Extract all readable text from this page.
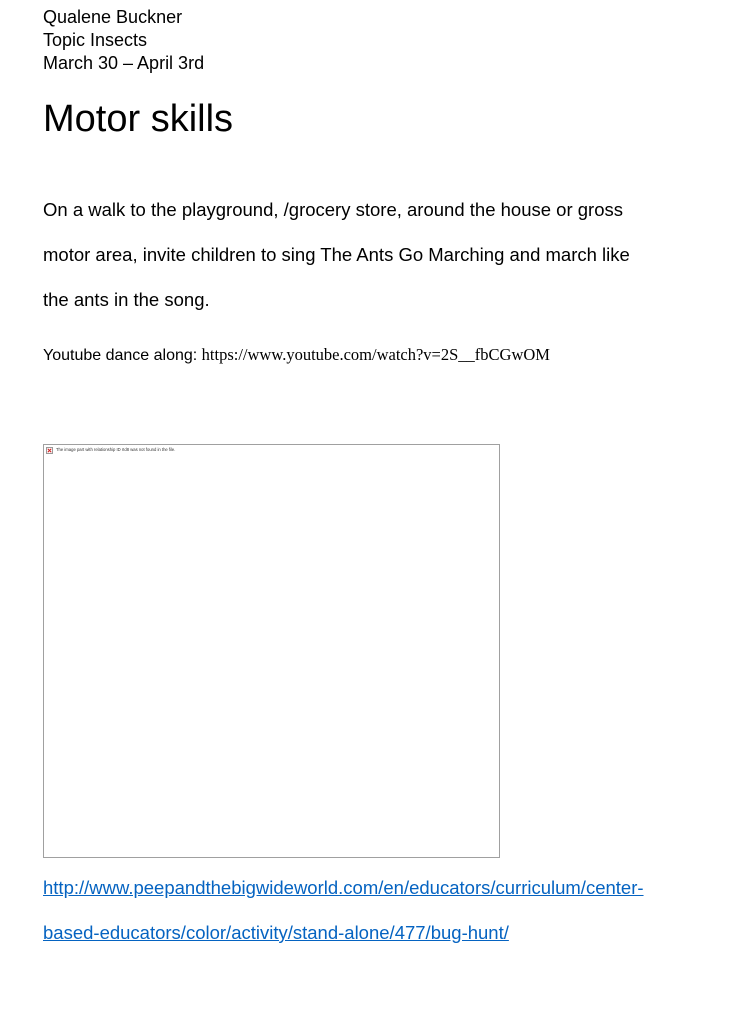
Qualene Buckner
Topic Insects
March 30 – April 3rd
Motor skills
On a walk to the playground, /grocery store, around the house or gross
motor area, invite children to sing The Ants Go Marching and march like
the ants in the song.
Youtube dance along: https://www.youtube.com/watch?v=2S__fbCGwOM
The image part with relationship ID rId8 was not found in the file.
http://www.peepandthebigwideworld.com/en/educators/curriculum/center-
based-educators/color/activity/stand-alone/477/bug-hunt/
